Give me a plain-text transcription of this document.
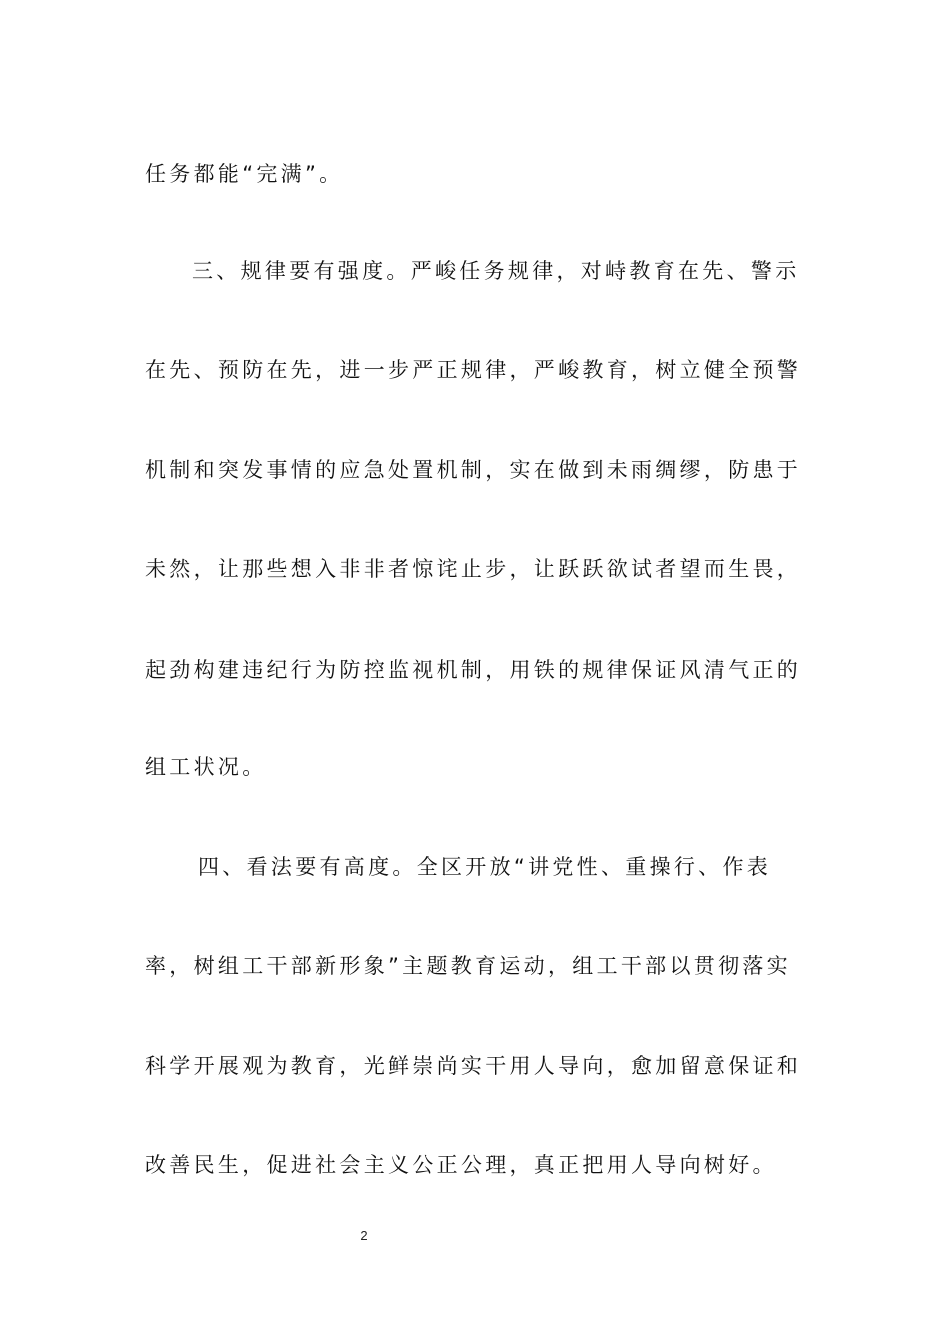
任务都能“完满”。

三、规律要有强度。严峻任务规律，对峙教育在先、警示

在先、预防在先，进一步严正规律，严峻教育，树立健全预警

机制和突发事情的应急处置机制，实在做到未雨绸缪，防患于

未然，让那些想入非非者惊诧止步，让跃跃欲试者望而生畏，

起劲构建违纪行为防控监视机制，用铁的规律保证风清气正的

组工状况。

四、看法要有高度。全区开放“讲党性、重操行、作表

率，树组工干部新形象”主题教育运动，组工干部以贯彻落实

科学开展观为教育，光鲜崇尚实干用人导向，愈加留意保证和

改善民生，促进社会主义公正公理，真正把用人导向树好。

2
